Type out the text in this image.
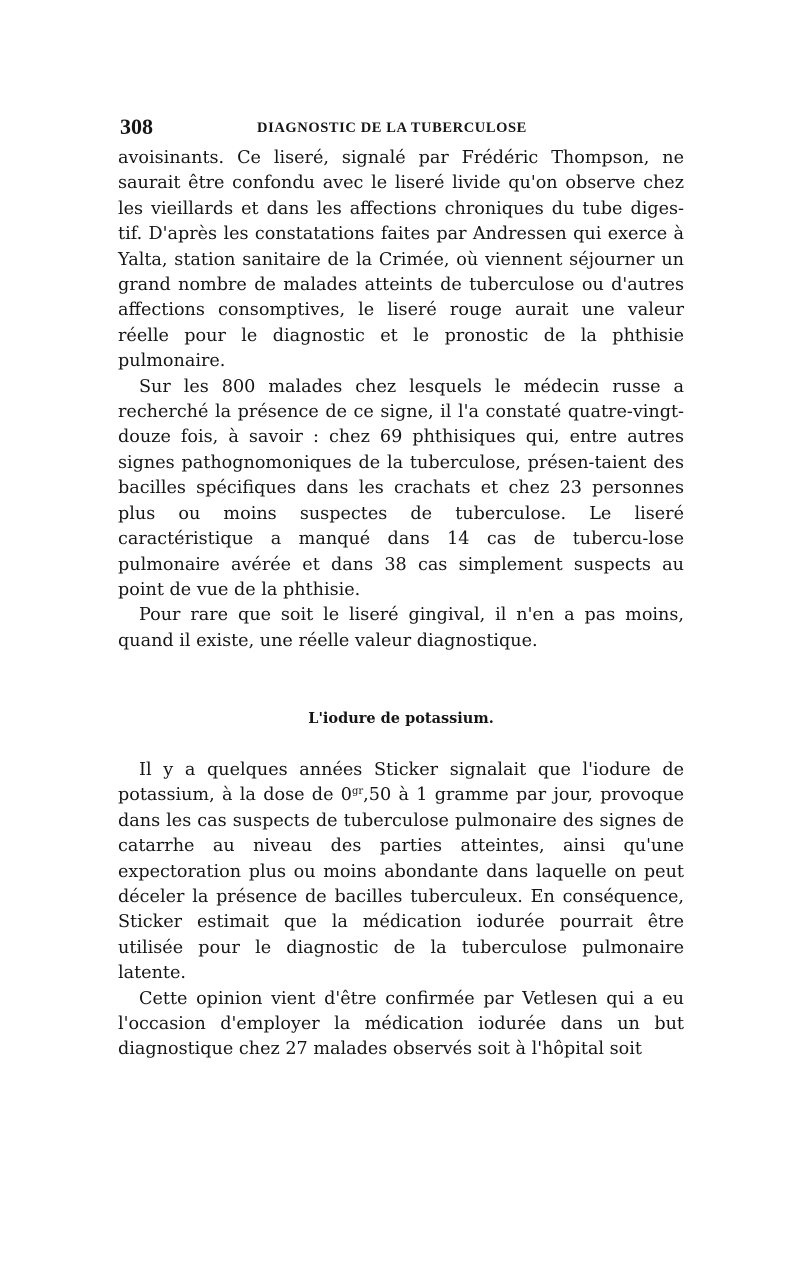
308	DIAGNOSTIC DE LA TUBERCULOSE

avoisinants. Ce liseré, signalé par Frédéric Thompson, ne saurait être confondu avec le liseré livide qu'on observe chez les vieillards et dans les affections chroniques du tube diges-tif. D'après les constatations faites par Andressen qui exerce à Yalta, station sanitaire de la Crimée, où viennent séjourner un grand nombre de malades atteints de tuberculose ou d'autres affections consomptives, le liseré rouge aurait une valeur réelle pour le diagnostic et le pronostic de la phthisie pulmonaire.

Sur les 800 malades chez lesquels le médecin russe a recherché la présence de ce signe, il l'a constaté quatre-vingt-douze fois, à savoir : chez 69 phthisiques qui, entre autres signes pathognomoniques de la tuberculose, présen-taient des bacilles spécifiques dans les crachats et chez 23 personnes plus ou moins suspectes de tuberculose. Le liseré caractéristique a manqué dans 14 cas de tubercu-lose pulmonaire avérée et dans 38 cas simplement suspects au point de vue de la phthisie.

Pour rare que soit le liseré gingival, il n'en a pas moins, quand il existe, une réelle valeur diagnostique.

L'iodure de potassium.

Il y a quelques années Sticker signalait que l'iodure de potassium, à la dose de $0^{gr},50$ à 1 gramme par jour, provoque dans les cas suspects de tuberculose pulmonaire des signes de catarrhe au niveau des parties atteintes, ainsi qu'une expectoration plus ou moins abondante dans laquelle on peut déceler la présence de bacilles tuberculeux. En conséquence, Sticker estimait que la médication iodurée pourrait être utilisée pour le diagnostic de la tuberculose pulmonaire latente.

Cette opinion vient d'être confirmée par Vetlesen qui a eu l'occasion d'employer la médication iodurée dans un but diagnostique chez 27 malades observés soit à l'hôpital soit
